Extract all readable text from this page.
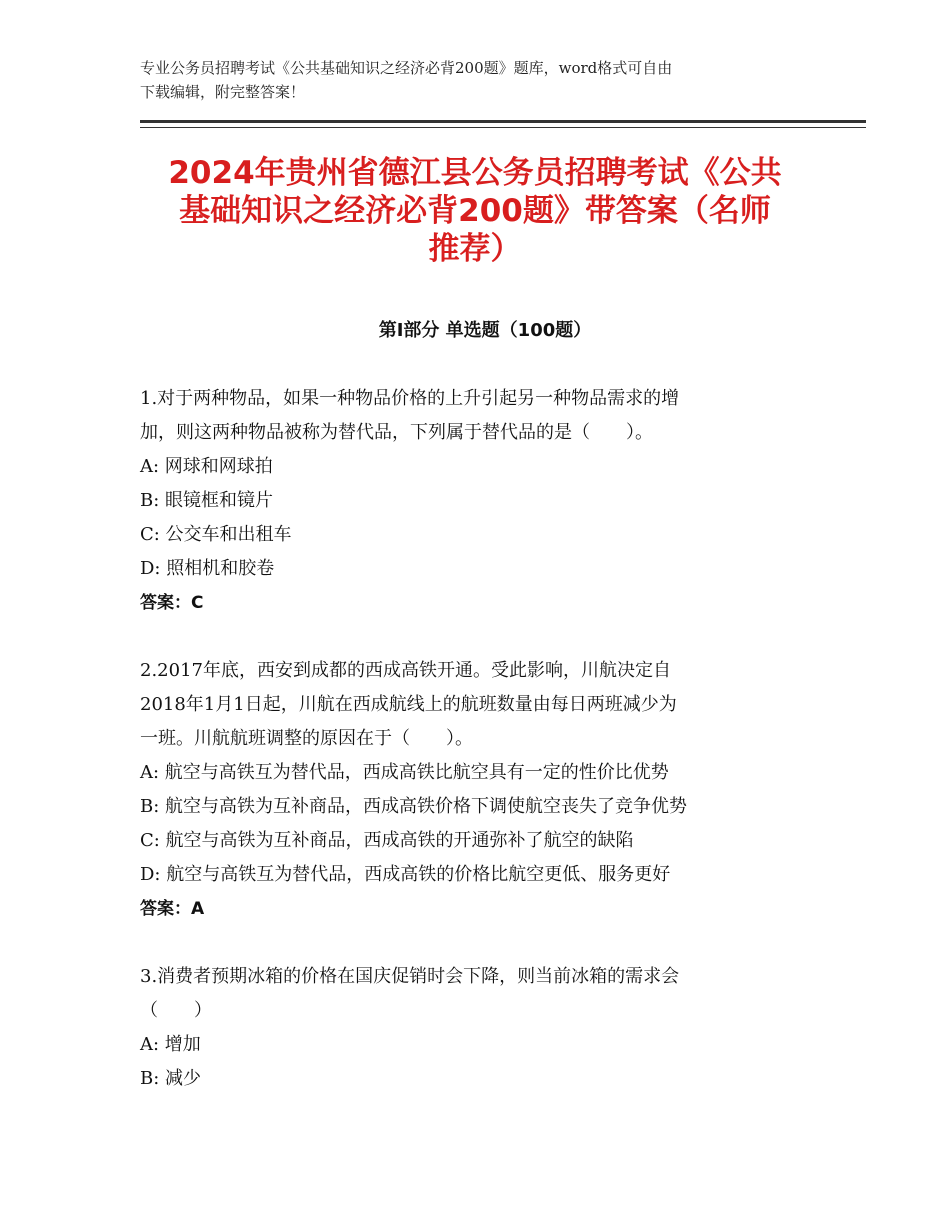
专业公务员招聘考试《公共基础知识之经济必背200题》题库，word格式可自由
下载编辑，附完整答案！
2024年贵州省德江县公务员招聘考试《公共
基础知识之经济必背200题》带答案（名师
推荐）
第Ⅰ部分 单选题（100题）
1.对于两种物品，如果一种物品价格的上升引起另一种物品需求的增
加，则这两种物品被称为替代品，下列属于替代品的是（　　）。
A: 网球和网球拍
B: 眼镜框和镜片
C: 公交车和出租车
D: 照相机和胶卷
答案：C
2.2017年底，西安到成都的西成高铁开通。受此影响，川航决定自
2018年1月1日起，川航在西成航线上的航班数量由每日两班减少为
一班。川航航班调整的原因在于（　　）。
A: 航空与高铁互为替代品，西成高铁比航空具有一定的性价比优势
B: 航空与高铁为互补商品，西成高铁价格下调使航空丧失了竞争优势
C: 航空与高铁为互补商品，西成高铁的开通弥补了航空的缺陷
D: 航空与高铁互为替代品，西成高铁的价格比航空更低、服务更好
答案：A
3.消费者预期冰箱的价格在国庆促销时会下降，则当前冰箱的需求会
（　　）
A: 增加
B: 减少
